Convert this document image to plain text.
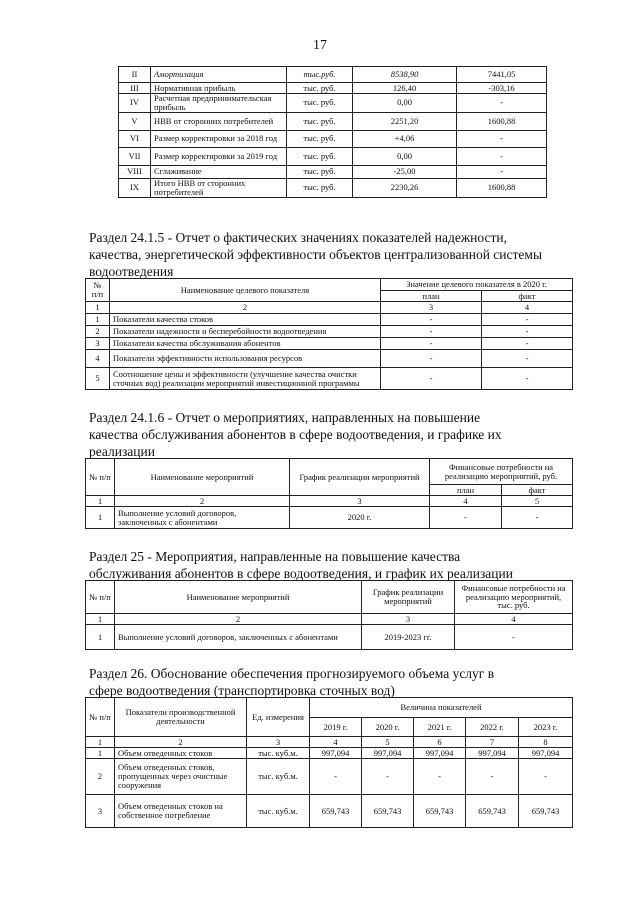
17
II	Амортизация	тыс.руб.	8538,90	7441,05
III	Нормативная прибыль	тыс. руб.	126,40	-303,16
IV	Расчетная предпринимательская прибыль	тыс. руб.	0,00	-
V	НВВ от сторонних потребителей	тыс. руб.	2251,20	1600,88
VI	Размер корректировки за 2018 год	тыс. руб.	+4,06	-
VII	Размер корректировки за 2019 год	тыс. руб.	0,00	-
VIII	Сглаживание	тыс. руб.	-25,00	-
IX	Итого НВВ от сторонних потребителей	тыс. руб.	2230,26	1600,88
Раздел 24.1.5 - Отчет о фактических значениях показателей надежности,
качества, энергетической эффективности объектов централизованной системы
водоотведения
№ п/п	Наименование целевого показателя	Значение целевого показателя в 2020 г.	
		план	факт
1	2	3	4
1	Показатели качества стоков	-	-
2	Показатели надежности и бесперебойности водоотведения	-	-
3	Показатели качества обслуживания абонентов	-	-
4	Показатели эффективности использования ресурсов	-	-
5	Соотношение цены и эффективности (улучшение качества очистки сточных вод) реализации мероприятий инвестиционной программы	-	-
Раздел 24.1.6 - Отчет о мероприятиях, направленных на повышение
качества обслуживания абонентов в сфере водоотведения, и графике их
реализации
№ п/п	Наименование мероприятий	График реализации мероприятий	Финансовые потребности на реализацию мероприятий, руб.	
			план	факт
1	2	3	4	5
1	Выполнение условий договоров, заключенных с абонентами	2020 г.	-	-
Раздел 25 - Мероприятия, направленные на повышение качества
обслуживания абонентов в сфере водоотведения, и график их реализации
№ п/п	Наименование мероприятий	График реализации мероприятий	Финансовые потребности на реализацию мероприятий, тыс. руб.
1	2	3	4
1	Выполнение условий договоров, заключенных с абонентами	2019-2023 гг.	-
Раздел 26. Обоснование обеспечения прогнозируемого объема услуг в
сфере водоотведения (транспортировка сточных вод)
№ п/п	Показатели производственной деятельности	Ед. измерения	Величина показателей				
			2019 г.	2020 г.	2021 г.	2022 г.	2023 г.
1	2	3	4	5	6	7	8
1	Объем отведенных стоков	тыс. куб.м.	997,094	997,094	997,094	997,094	997,094
2	Объем отведенных стоков, пропущенных через очистные сооружения	тыс. куб.м.	-	-	-	-	-
3	Объем отведенных стоков на собственное потребление	тыс. куб.м.	659,743	659,743	659,743	659,743	659,743
